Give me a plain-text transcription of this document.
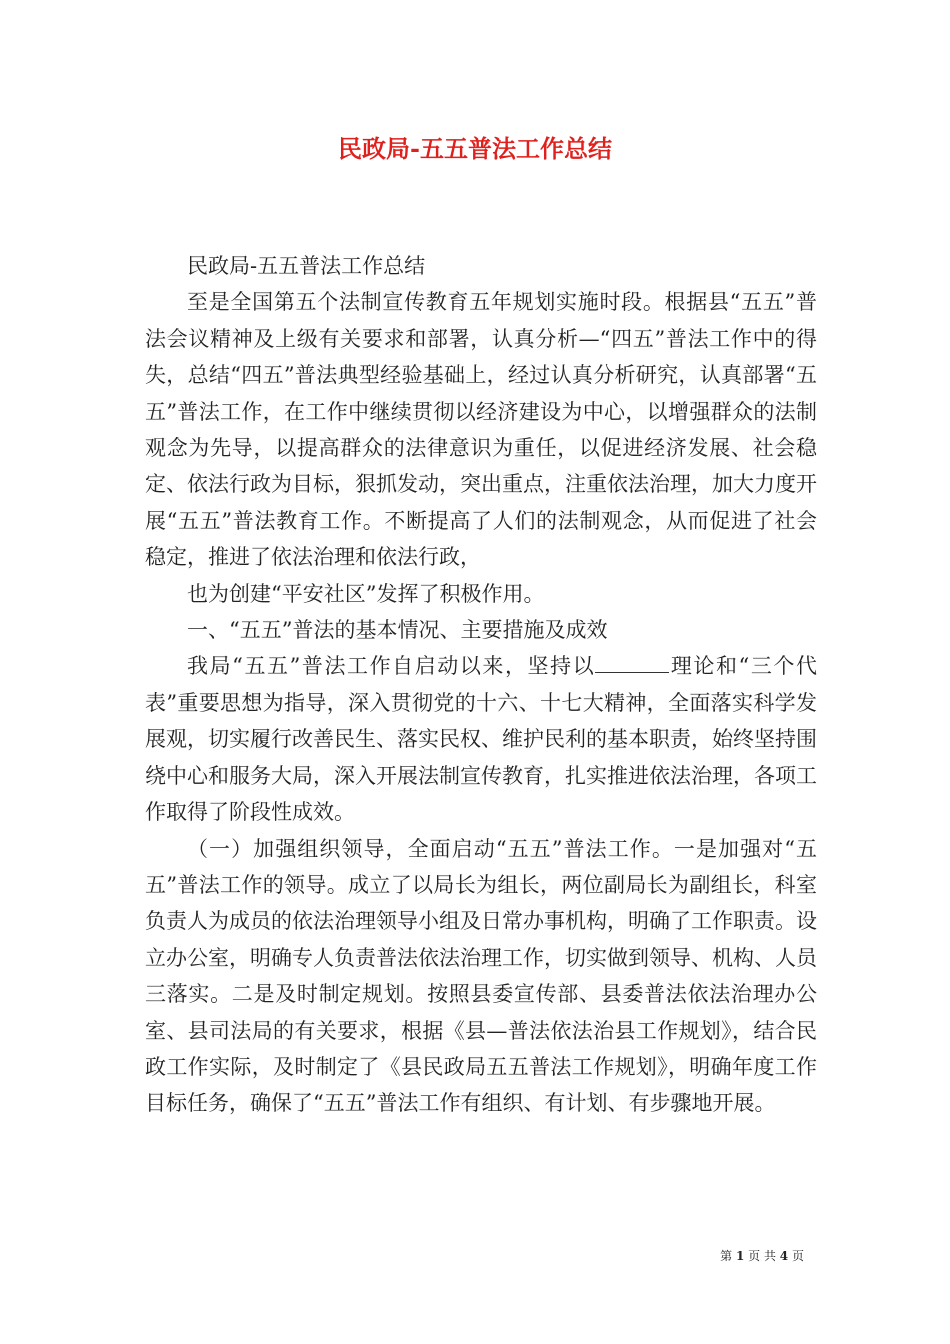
民政局-五五普法工作总结

民政局-五五普法工作总结

至是全国第五个法制宣传教育五年规划实施时段。根据县“五五”普法会议精神及上级有关要求和部署，认真分析—“四五”普法工作中的得失，总结“四五”普法典型经验基础上，经过认真分析研究，认真部署“五五”普法工作，在工作中继续贯彻以经济建设为中心，以增强群众的法制观念为先导，以提高群众的法律意识为重任，以促进经济发展、社会稳定、依法行政为目标，狠抓发动，突出重点，注重依法治理，加大力度开展“五五”普法教育工作。不断提高了人们的法制观念，从而促进了社会稳定，推进了依法治理和依法行政，

也为创建“平安社区”发挥了积极作用。

一、“五五”普法的基本情况、主要措施及成效

我局“五五”普法工作自启动以来，坚持以	理论和“三个代表”重要思想为指导，深入贯彻党的十六、十七大精神，全面落实科学发展观，切实履行改善民生、落实民权、维护民利的基本职责，始终坚持围绕中心和服务大局，深入开展法制宣传教育，扎实推进依法治理，各项工作取得了阶段性成效。

（一）加强组织领导，全面启动“五五”普法工作。一是加强对“五五”普法工作的领导。成立了以局长为组长，两位副局长为副组长，科室负责人为成员的依法治理领导小组及日常办事机构，明确了工作职责。设立办公室，明确专人负责普法依法治理工作，切实做到领导、机构、人员三落实。二是及时制定规划。按照县委宣传部、县委普法依法治理办公室、县司法局的有关要求，根据《县—普法依法治县工作规划》，结合民政工作实际，及时制定了《县民政局五五普法工作规划》，明确年度工作目标任务，确保了“五五”普法工作有组织、有计划、有步骤地开展。

第 1 页 共 4 页
